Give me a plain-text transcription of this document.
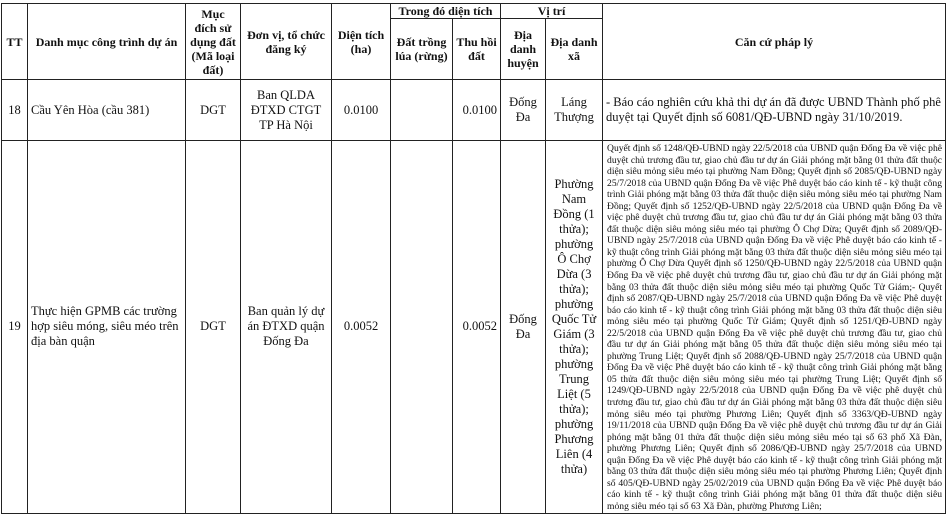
TT	Danh mục công trình dự án	Mục đích sử dụng đất (Mã loại đất)	Đơn vị, tổ chức đăng ký	Diện tích (ha)	Trong đó diện tích		Vị trí		Căn cứ pháp lý
					Đất trồng lúa (rừng)	Thu hồi đất	Địa danh huyện	Địa danh xã	
18	Cầu Yên Hòa (cầu 381)	DGT	Ban QLDA ĐTXD CTGT TP Hà Nội	0.0100		0.0100	Đống Đa	Láng Thượng	- Báo cáo nghiên cứu khả thi dự án đã được UBND Thành phố phê duyệt tại Quyết định số 6081/QĐ-UBND ngày 31/10/2019.
19	Thực hiện GPMB các trường hợp siêu móng, siêu méo trên địa bàn quận	DGT	Ban quản lý dự án ĐTXD quận Đống Đa	0.0052		0.0052	Đống Đa	Phường Nam Đồng (1 thửa); phường Ô Chợ Dừa (3 thửa); phường Quốc Tử Giám (3 thửa); phường Trung Liệt (5 thửa); phường Phương Liên (4 thửa)	Quyết định số 1248/QĐ-UBND ngày 22/5/2018 của UBND quận Đống Đa về việc phê duyệt chủ trương đầu tư, giao chủ đầu tư dự án Giải phóng mặt bằng 01 thửa đất thuộc diện siêu mỏng siêu méo tại phường Nam Đồng; Quyết định số 2085/QĐ-UBND ngày 25/7/2018 của UBND quận Đống Đa về việc Phê duyệt báo cáo kinh tế - kỹ thuật công trình Giải phóng mặt bằng 03 thửa đất thuộc diện siêu mỏng siêu méo tại phường Nam Đồng; Quyết định số 1252/QĐ-UBND ngày 22/5/2018 của UBND quận Đống Đa về việc phê duyệt chủ trương đầu tư, giao chủ đầu tư dự án Giải phóng mặt bằng 03 thửa đất thuộc diện siêu mỏng siêu méo tại phường Ô Chợ Dừa; Quyết định số 2089/QĐ-UBND ngày 25/7/2018 của UBND quận Đống Đa về việc Phê duyệt báo cáo kinh tế - kỹ thuật công trình Giải phóng mặt bằng 03 thửa đất thuộc diện siêu mỏng siêu méo tại phường Ô Chợ Dừa Quyết định số 1250/QĐ-UBND ngày 22/5/2018 của UBND quận Đống Đa về việc phê duyệt chủ trương đầu tư, giao chủ đầu tư dự án Giải phóng mặt bằng 03 thửa đất thuộc diện siêu mỏng siêu méo tại phường Quốc Tử Giám;- Quyết định số 2087/QĐ-UBND ngày 25/7/2018 của UBND quận Đống Đa về việc Phê duyệt báo cáo kinh tế - kỹ thuật công trình Giải phóng mặt bằng 03 thửa đất thuộc diện siêu mỏng siêu méo tại phường Quốc Tử Giám; Quyết định số 1251/QĐ-UBND ngày 22/5/2018 của UBND quận Đống Đa về việc phê duyệt chủ trương đầu tư, giao chủ đầu tư dự án Giải phóng mặt bằng 05 thửa đất thuộc diện siêu mỏng siêu méo tại phường Trung Liệt; Quyết định số 2088/QĐ-UBND ngày 25/7/2018 của UBND quận Đống Đa về việc Phê duyệt báo cáo kinh tế - kỹ thuật công trình Giải phóng mặt bằng 05 thửa đất thuộc diện siêu mỏng siêu méo tại phường Trung Liệt; Quyết định số 1249/QĐ-UBND ngày 22/5/2018 của UBND quận Đống Đa về việc phê duyệt chủ trương đầu tư, giao chủ đầu tư dự án Giải phóng mặt bằng 03 thửa đất thuộc diện siêu mỏng siêu méo tại phường Phương Liên; Quyết định số 3363/QĐ-UBND ngày 19/11/2018 của UBND quận Đống Đa về việc phê duyệt chủ trương đầu tư dự án Giải phóng mặt bằng 01 thửa đất thuộc diện siêu mỏng siêu méo tại số 63 phố Xã Đàn, phường Phương Liên; Quyết định số 2086/QĐ-UBND ngày 25/7/2018 của UBND quận Đống Đa về việc Phê duyệt báo cáo kinh tế - kỹ thuật công trình Giải phóng mặt bằng 03 thửa đất thuộc diện siêu mỏng siêu méo tại phường Phương Liên; Quyết định số 405/QĐ-UBND ngày 25/02/2019 của UBND quận Đống Đa về việc Phê duyệt báo cáo kinh tế - kỹ thuật công trình Giải phóng mặt bằng 01 thửa đất thuộc diện siêu mỏng siêu méo tại số 63 Xã Đàn, phường Phương Liên;
